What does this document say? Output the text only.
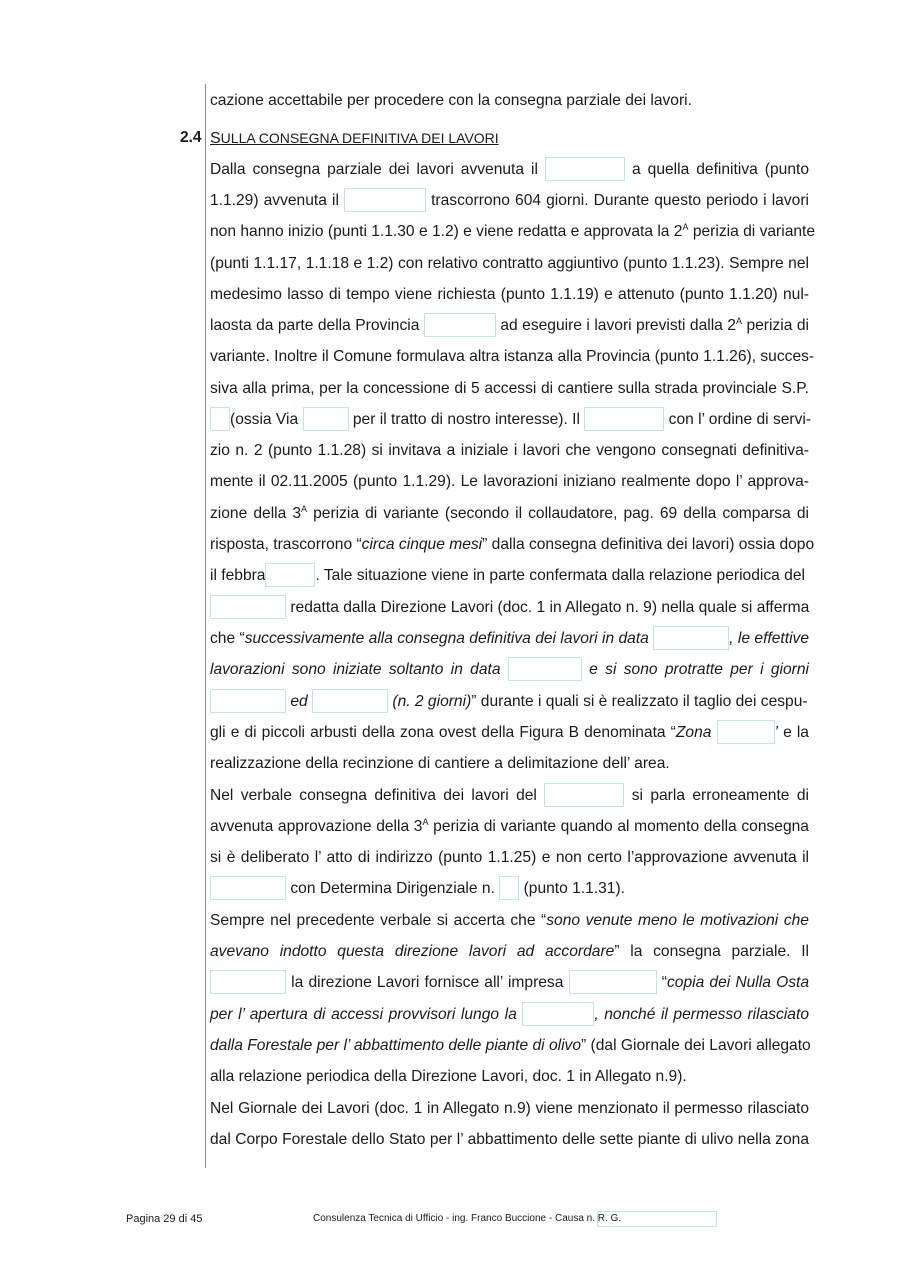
cazione accettabile per procedere con la consegna parziale dei lavori.
2.4 SULLA CONSEGNA DEFINITIVA DEI LAVORI
Dalla consegna parziale dei lavori avvenuta il	a quella definitiva (punto
1.1.29) avvenuta il	trascorrono 604 giorni. Durante questo periodo i lavori
non hanno inizio (punti 1.1.30 e 1.2) e viene redatta e approvata la $2^A$ perizia di variante
(punti 1.1.17, 1.1.18 e 1.2) con relativo contratto aggiuntivo (punto 1.1.23). Sempre nel
medesimo lasso di tempo viene richiesta (punto 1.1.19) e attenuto (punto 1.1.20) nul-
laosta da parte della Provincia	ad eseguire i lavori previsti dalla $2^A$ perizia di
variante. Inoltre il Comune formulava altra istanza alla Provincia (punto 1.1.26), succes-
siva alla prima, per la concessione di 5 accessi di cantiere sulla strada provinciale S.P.
(ossia Via	per il tratto di nostro interesse). Il	con l’ ordine di servi-
zio n. 2 (punto 1.1.28) si invitava a iniziale i lavori che vengono consegnati definitiva-
mente il 02.11.2005 (punto 1.1.29). Le lavorazioni iniziano realmente dopo l’ approva-
zione della $3^A$ perizia di variante (secondo il collaudatore, pag. 69 della comparsa di
risposta, trascorrono “circa cinque mesi” dalla consegna definitiva dei lavori) ossia dopo
il febbra	. Tale situazione viene in parte confermata dalla relazione periodica del
redatta dalla Direzione Lavori (doc. 1 in Allegato n. 9) nella quale si afferma
che “successivamente alla consegna definitiva dei lavori in data	, le effettive
lavorazioni sono iniziate soltanto in data	e si sono protratte per i giorni
ed	(n. 2 giorni)” durante i quali si è realizzato il taglio dei cespu-
gli e di piccoli arbusti della zona ovest della Figura B denominata “Zona	’ e la
realizzazione della recinzione di cantiere a delimitazione dell’ area.
Nel verbale consegna definitiva dei lavori del	si parla erroneamente di
avvenuta approvazione della $3^A$ perizia di variante quando al momento della consegna
si è deliberato l’ atto di indirizzo (punto 1.1.25) e non certo l’approvazione avvenuta il
con Determina Dirigenziale n. (punto 1.1.31).
Sempre nel precedente verbale si accerta che “sono venute meno le motivazioni che
avevano indotto questa direzione lavori ad accordare” la consegna parziale. Il
la direzione Lavori fornisce all’ impresa	“copia dei Nulla Osta
per l’ apertura di accessi provvisori lungo la	, nonché il permesso rilasciato
dalla Forestale per l’ abbattimento delle piante di olivo” (dal Giornale dei Lavori allegato
alla relazione periodica della Direzione Lavori, doc. 1 in Allegato n.9).
Nel Giornale dei Lavori (doc. 1 in Allegato n.9) viene menzionato il permesso rilasciato
dal Corpo Forestale dello Stato per l’ abbattimento delle sette piante di ulivo nella zona
Pagina 29 di 45	Consulenza Tecnica di Ufficio - ing. Franco Buccione - Causa n. R. G.
